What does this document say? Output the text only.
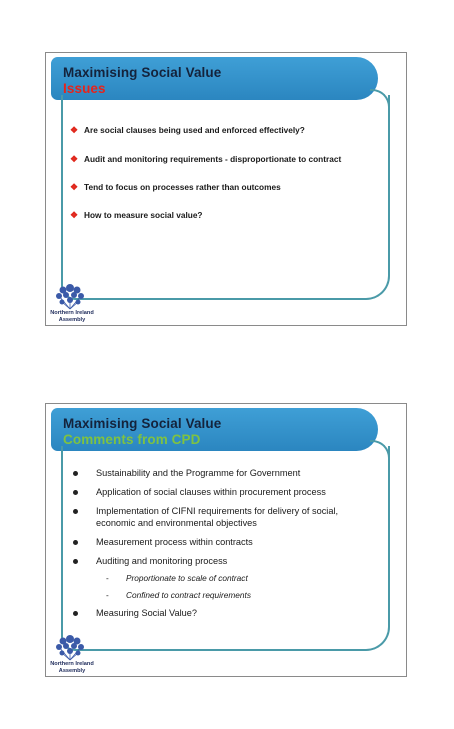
Maximising Social Value
Issues
❖ Are social clauses being used and enforced effectively?
❖ Audit and monitoring requirements - disproportionate to contract
❖ Tend to focus on processes rather than outcomes
❖ How to measure social value?
Northern Ireland
Assembly
Maximising Social Value
Comments from CPD
Sustainability and the Programme for Government
Application of social clauses within procurement process
Implementation of CIFNI requirements for delivery of social, economic and environmental objectives
Measurement process within contracts
Auditing and monitoring process
- Proportionate to scale of contract
- Confined to contract requirements
Measuring Social Value?
Northern Ireland
Assembly
